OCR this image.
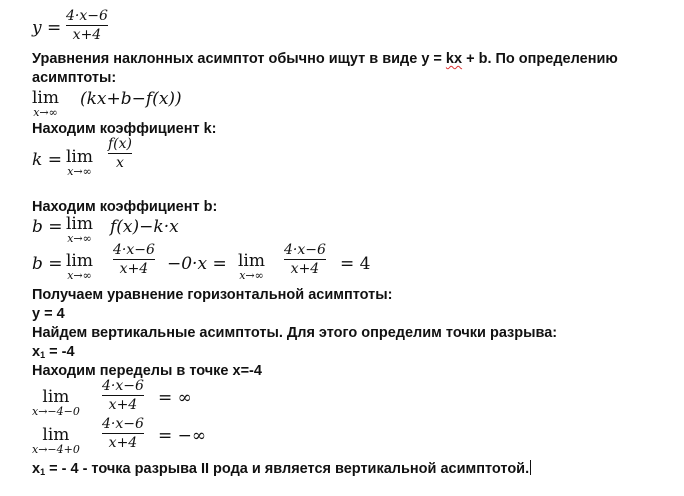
y =
4·x−6
x+4
Уравнения наклонных асимптот обычно ищут в виде y = kx + b. По определению
асимптоты:
lim
x→∞
(kx+b−f(x))
Находим коэффициент k:
k = lim
x→∞
f(x)
x
Находим коэффициент b:
b = lim
x→∞
f(x)−k·x
b = lim
x→∞
4·x−6
x+4	−0·x = lim
x→∞
4·x−6
x+4	= 4
Получаем уравнение горизонтальной асимптоты:
y = 4
Найдем вертикальные асимптоты. Для этого определим точки разрыва:
$x_1 = -4$
Находим переделы в точке x=-4
lim
x→−4−0
4·x−6
x+4	= ∞
lim
x→−4+0
4·x−6
x+4	= −∞
$x_1$ = - 4 - точка разрыва II рода и является вертикальной асимптотой.
